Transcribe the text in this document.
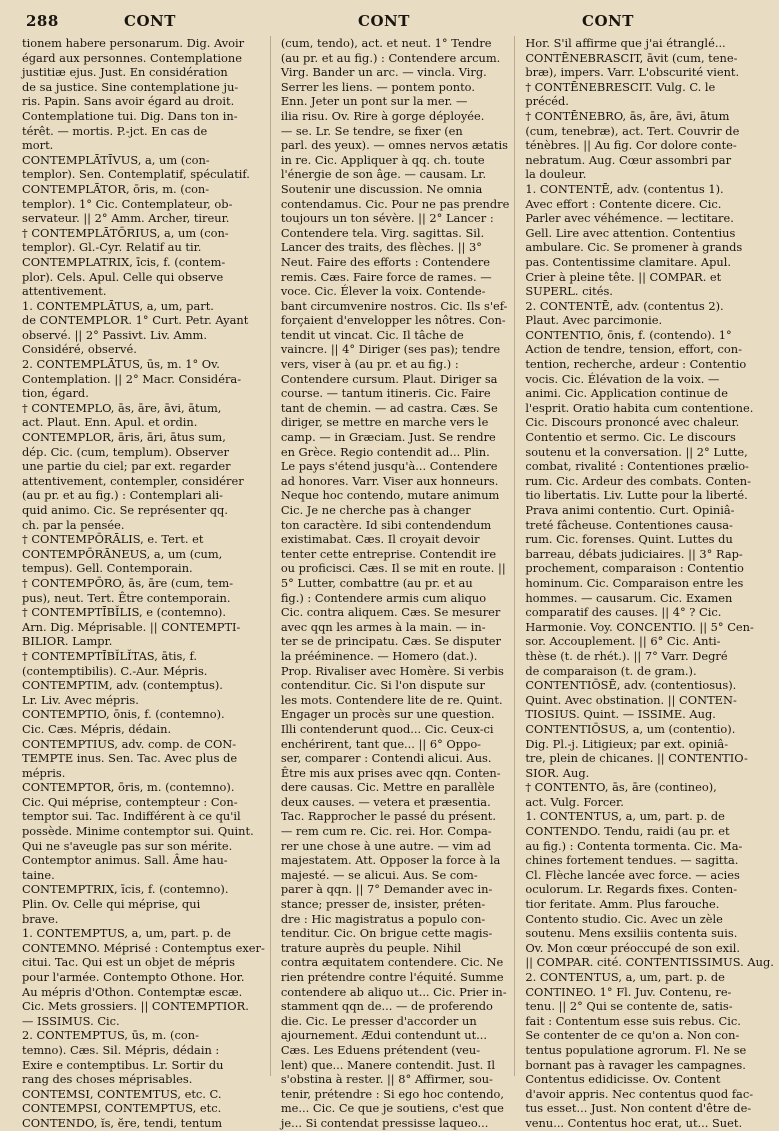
288	CONT	CONT	CONT
tionem habere personarum. Dig. Avoir
égard aux personnes. Contemplatione
justitiæ ejus. Just. En considération
de sa justice. Sine contemplatione ju-
ris. Papin. Sans avoir égard au droit.
Contemplatione tui. Dig. Dans ton in-
térêt. — mortis. P.-jct. En cas de
mort.
CONTEMPLĀTĪVUS, a, um (con-
templor). Sen. Contemplatif, spéculatif.
CONTEMPLĀTOR, ōris, m. (con-
templor). 1° Cic. Contemplateur, ob-
servateur. || 2° Amm. Archer, tireur.
† CONTEMPLĀTŌRIUS, a, um (con-
templor). Gl.-Cyr. Relatif au tir.
CONTEMPLATRIX, īcis, f. (contem-
plor). Cels. Apul. Celle qui observe
attentivement.
1. CONTEMPLĀTUS, a, um, part.
de CONTEMPLOR. 1° Curt. Petr. Ayant
observé. || 2° Passivt. Liv. Amm.
Considéré, observé.
2. CONTEMPLĀTUS, ūs, m. 1° Ov.
Contemplation. || 2° Macr. Considéra-
tion, égard.
† CONTEMPLO, ās, āre, āvi, ātum,
act. Plaut. Enn. Apul. et ordin.
CONTEMPLOR, āris, āri, ātus sum,
dép. Cic. (cum, templum). Observer
une partie du ciel; par ext. regarder
attentivement, contempler, considérer
(au pr. et au fig.) : Contemplari ali-
quid animo. Cic. Se représenter qq.
ch. par la pensée.
† CONTEMPŌRĀLIS, e. Tert. et
CONTEMPŌRĀNEUS, a, um (cum,
tempus). Gell. Contemporain.
† CONTEMPŌRO, ās, āre (cum, tem-
pus), neut. Tert. Être contemporain.
† CONTEMPTĪBĬLIS, e (contemno).
Arn. Dig. Méprisable. || CONTEMPTI-
BILIOR. Lampr.
† CONTEMPTĪBĬLĬTAS, ātis, f.
(contemptibilis). C.-Aur. Mépris.
CONTEMPTIM, adv. (contemptus).
Lr. Liv. Avec mépris.
CONTEMPTIO, ōnis, f. (contemno).
Cic. Cæs. Mépris, dédain.
CONTEMPTIUS, adv. comp. de CON-
TEMPTE inus. Sen. Tac. Avec plus de
mépris.
CONTEMPTOR, ōris, m. (contemno).
Cic. Qui méprise, contempteur : Con-
temptor sui. Tac. Indifférent à ce qu'il
possède. Minime contemptor sui. Quint.
Qui ne s'aveugle pas sur son mérite.
Contemptor animus. Sall. Âme hau-
taine.
CONTEMPTRIX, īcis, f. (contemno).
Plin. Ov. Celle qui méprise, qui
brave.
1. CONTEMPTUS, a, um, part. p. de
CONTEMNO. Méprisé : Contemptus exer-
citui. Tac. Qui est un objet de mépris
pour l'armée. Contempto Othone. Hor.
Au mépris d'Othon. Contemptæ escæ.
Cic. Mets grossiers. || CONTEMPTIOR.
— ISSIMUS. Cic.
2. CONTEMPTUS, ūs, m. (con-
temno). Cæs. Sil. Mépris, dédain :
Exire e contemptibus. Lr. Sortir du
rang des choses méprisables.
CONTEMSI, CONTEMTUS, etc. C.
CONTEMPSI, CONTEMPTUS, etc.
CONTENDO, ĭs, ĕre, tendi, tentum
(cum, tendo), act. et neut. 1° Tendre
(au pr. et au fig.) : Contendere arcum.
Virg. Bander un arc. — vincla. Virg.
Serrer les liens. — pontem ponto.
Enn. Jeter un pont sur la mer. —
ilia risu. Ov. Rire à gorge déployée.
— se. Lr. Se tendre, se fixer (en
parl. des yeux). — omnes nervos ætatis
in re. Cic. Appliquer à qq. ch. toute
l'énergie de son âge. — causam. Lr.
Soutenir une discussion. Ne omnia
contendamus. Cic. Pour ne pas prendre
toujours un ton sévère. || 2° Lancer :
Contendere tela. Virg. sagittas. Sil.
Lancer des traits, des flèches. || 3°
Neut. Faire des efforts : Contendere
remis. Cæs. Faire force de rames. —
voce. Cic. Élever la voix. Contende-
bant circumvenire nostros. Cic. Ils s'ef-
forçaient d'envelopper les nôtres. Con-
tendit ut vincat. Cic. Il tâche de
vaincre. || 4° Diriger (ses pas); tendre
vers, viser à (au pr. et au fig.) :
Contendere cursum. Plaut. Diriger sa
course. — tantum itineris. Cic. Faire
tant de chemin. — ad castra. Cæs. Se
diriger, se mettre en marche vers le
camp. — in Græciam. Just. Se rendre
en Grèce. Regio contendit ad... Plin.
Le pays s'étend jusqu'à... Contendere
ad honores. Varr. Viser aux honneurs.
Neque hoc contendo, mutare animum
Cic. Je ne cherche pas à changer
ton caractère. Id sibi contendendum
existimabat. Cæs. Il croyait devoir
tenter cette entreprise. Contendit ire
ou proficisci. Cæs. Il se mit en route. ||
5° Lutter, combattre (au pr. et au
fig.) : Contendere armis cum aliquo
Cic. contra aliquem. Cæs. Se mesurer
avec qqn les armes à la main. — in-
ter se de principatu. Cæs. Se disputer
la prééminence. — Homero (dat.).
Prop. Rivaliser avec Homère. Si verbis
contenditur. Cic. Si l'on dispute sur
les mots. Contendere lite de re. Quint.
Engager un procès sur une question.
Illi contenderunt quod... Cic. Ceux-ci
enchérirent, tant que... || 6° Oppo-
ser, comparer : Contendi alicui. Aus.
Être mis aux prises avec qqn. Conten-
dere causas. Cic. Mettre en parallèle
deux causes. — vetera et præsentia.
Tac. Rapprocher le passé du présent.
— rem cum re. Cic. rei. Hor. Compa-
rer une chose à une autre. — vim ad
majestatem. Att. Opposer la force à la
majesté. — se alicui. Aus. Se com-
parer à qqn. || 7° Demander avec in-
stance; presser de, insister, préten-
dre : Hic magistratus a populo con-
tenditur. Cic. On brigue cette magis-
trature auprès du peuple. Nihil
contra æquitatem contendere. Cic. Ne
rien prétendre contre l'équité. Summe
contendere ab aliquo ut... Cic. Prier in-
stamment qqn de... — de proferendo
die. Cic. Le presser d'accorder un
ajournement. Ædui contendunt ut...
Cæs. Les Eduens prétendent (veu-
lent) que... Manere contendit. Just. Il
s'obstina à rester. || 8° Affirmer, sou-
tenir, prétendre : Si ego hoc contendo,
me... Cic. Ce que je soutiens, c'est que
je... Si contendat pressisse laqueo...
Hor. S'il affirme que j'ai étranglé...
CONTĒNEBRASCIT, āvit (cum, tene-
bræ), impers. Varr. L'obscurité vient.
† CONTĒNEBRESCIT. Vulg. C. le
précéd.
† CONTĒNEBRO, ās, āre, āvi, ātum
(cum, tenebræ), act. Tert. Couvrir de
ténèbres. || Au fig. Cor dolore conte-
nebratum. Aug. Cœur assombri par
la douleur.
1. CONTENTĒ, adv. (contentus 1).
Avec effort : Contente dicere. Cic.
Parler avec véhémence. — lectitare.
Gell. Lire avec attention. Contentius
ambulare. Cic. Se promener à grands
pas. Contentissime clamitare. Apul.
Crier à pleine tête. || COMPAR. et
SUPERL. cités.
2. CONTENTĒ, adv. (contentus 2).
Plaut. Avec parcimonie.
CONTENTIO, ōnis, f. (contendo). 1°
Action de tendre, tension, effort, con-
tention, recherche, ardeur : Contentio
vocis. Cic. Élévation de la voix. —
animi. Cic. Application continue de
l'esprit. Oratio habita cum contentione.
Cic. Discours prononcé avec chaleur.
Contentio et sermo. Cic. Le discours
soutenu et la conversation. || 2° Lutte,
combat, rivalité : Contentiones prælio-
rum. Cic. Ardeur des combats. Conten-
tio libertatis. Liv. Lutte pour la liberté.
Prava animi contentio. Curt. Opiniâ-
treté fâcheuse. Contentiones causa-
rum. Cic. forenses. Quint. Luttes du
barreau, débats judiciaires. || 3° Rap-
prochement, comparaison : Contentio
hominum. Cic. Comparaison entre les
hommes. — causarum. Cic. Examen
comparatif des causes. || 4° ? Cic.
Harmonie. Voy. CONCENTIO. || 5° Cen-
sor. Accouplement. || 6° Cic. Anti-
thèse (t. de rhét.). || 7° Varr. Degré
de comparaison (t. de gram.).
CONTENTIŌSĒ, adv. (contentiosus).
Quint. Avec obstination. || CONTEN-
TIOSIUS. Quint. — ISSIME. Aug.
CONTENTIŌSUS, a, um (contentio).
Dig. Pl.-j. Litigieux; par ext. opiniâ-
tre, plein de chicanes. || CONTENTIO-
SIOR. Aug.
† CONTENTO, ās, āre (contineo),
act. Vulg. Forcer.
1. CONTENTUS, a, um, part. p. de
CONTENDO. Tendu, raidi (au pr. et
au fig.) : Contenta tormenta. Cic. Ma-
chines fortement tendues. — sagitta.
Cl. Flèche lancée avec force. — acies
oculorum. Lr. Regards fixes. Conten-
tior feritate. Amm. Plus farouche.
Contento studio. Cic. Avec un zèle
soutenu. Mens exsiliis contenta suis.
Ov. Mon cœur préoccupé de son exil.
|| COMPAR. cité. CONTENTISSIMUS. Aug.
2. CONTENTUS, a, um, part. p. de
CONTINEO. 1° Fl. Juv. Contenu, re-
tenu. || 2° Qui se contente de, satis-
fait : Contentum esse suis rebus. Cic.
Se contenter de ce qu'on a. Non con-
tentus populatione agrorum. Fl. Ne se
bornant pas à ravager les campagnes.
Contentus edidicisse. Ov. Content
d'avoir appris. Nec contentus quod fac-
tus esset... Just. Non content d'être de-
venu... Contentus hoc erat, ut... Suet.
